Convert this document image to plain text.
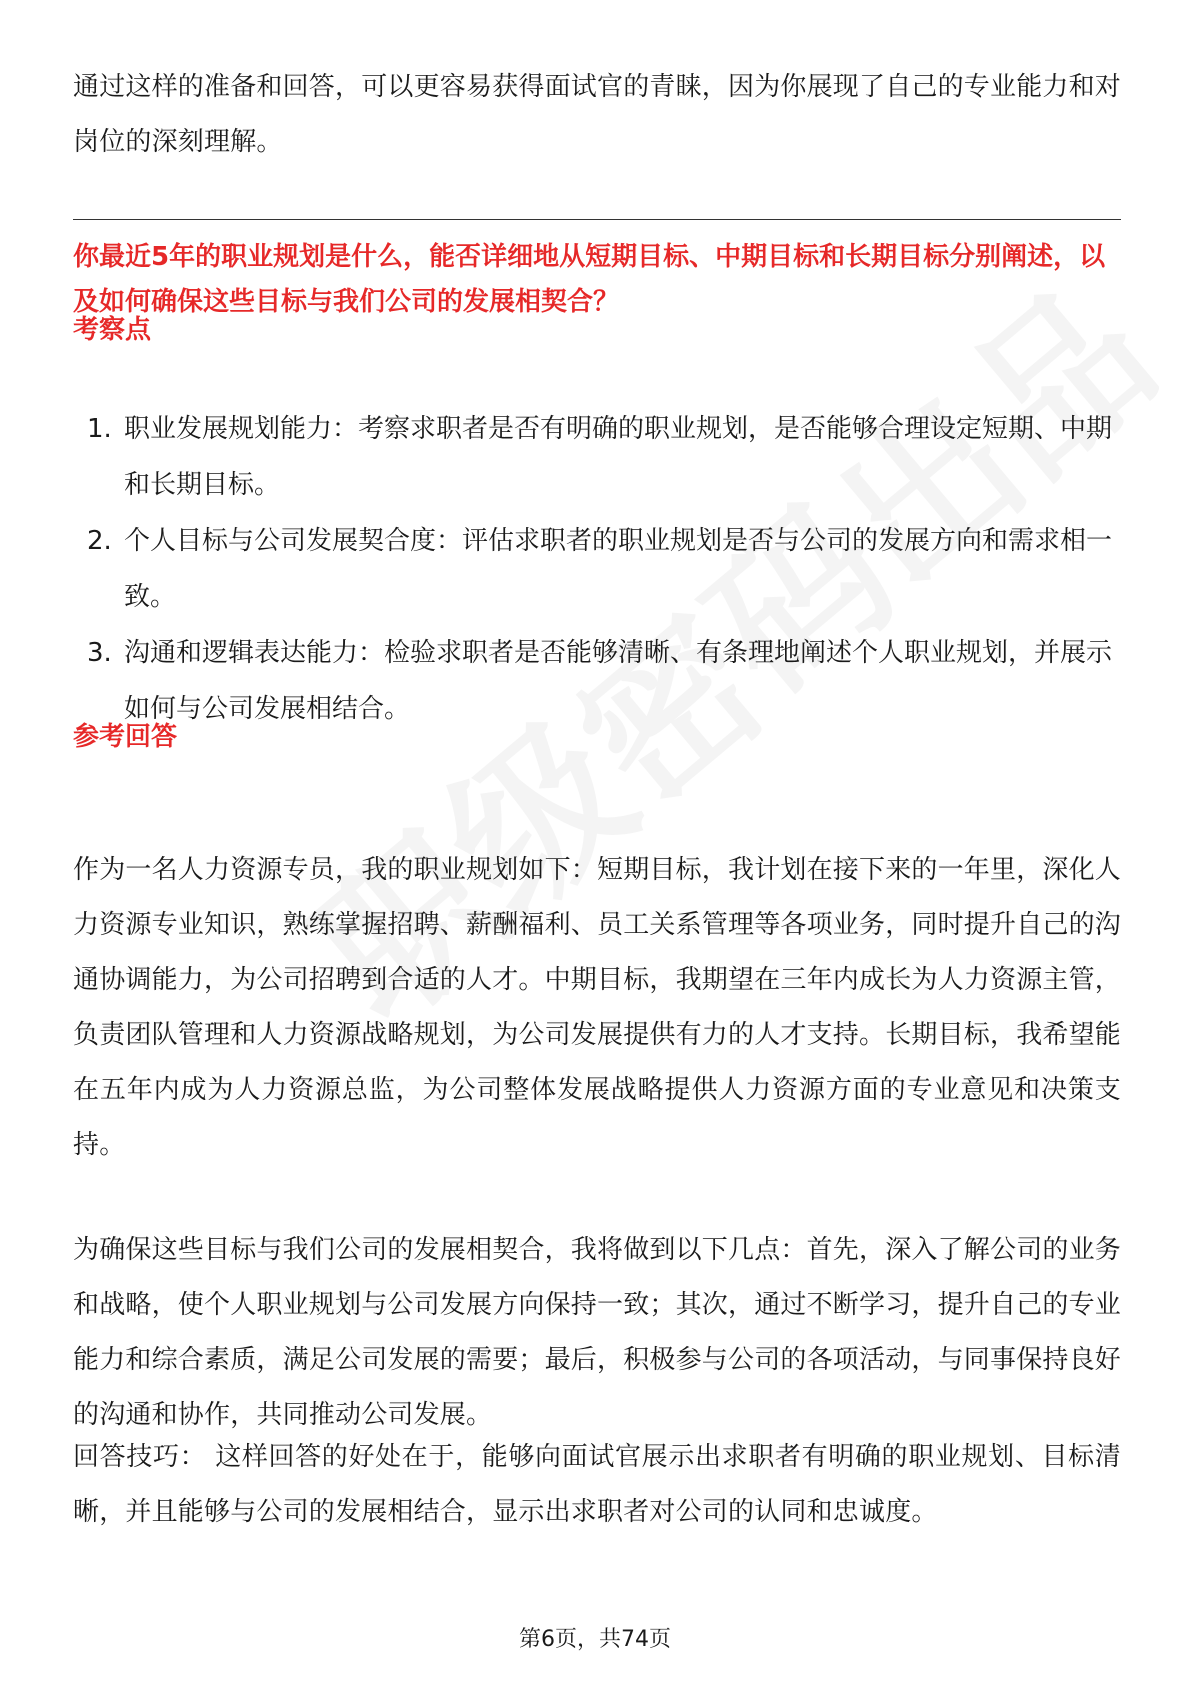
通过这样的准备和回答，可以更容易获得面试官的青睐，因为你展现了自己的专业能力和对岗位的深刻理解。

你最近5年的职业规划是什么，能否详细地从短期目标、中期目标和长期目标分别阐述，以及如何确保这些目标与我们公司的发展相契合？

考察点

1. 职业发展规划能力：考察求职者是否有明确的职业规划，是否能够合理设定短期、中期和长期目标。
2. 个人目标与公司发展契合度：评估求职者的职业规划是否与公司的发展方向和需求相一致。
3. 沟通和逻辑表达能力：检验求职者是否能够清晰、有条理地阐述个人职业规划，并展示如何与公司发展相结合。

参考回答

作为一名人力资源专员，我的职业规划如下：短期目标，我计划在接下来的一年里，深化人力资源专业知识，熟练掌握招聘、薪酬福利、员工关系管理等各项业务，同时提升自己的沟通协调能力，为公司招聘到合适的人才。中期目标，我期望在三年内成长为人力资源主管，负责团队管理和人力资源战略规划，为公司发展提供有力的人才支持。长期目标，我希望能在五年内成为人力资源总监，为公司整体发展战略提供人力资源方面的专业意见和决策支持。

为确保这些目标与我们公司的发展相契合，我将做到以下几点：首先，深入了解公司的业务和战略，使个人职业规划与公司发展方向保持一致；其次，通过不断学习，提升自己的专业能力和综合素质，满足公司发展的需要；最后，积极参与公司的各项活动，与同事保持良好的沟通和协作，共同推动公司发展。

回答技巧： 这样回答的好处在于，能够向面试官展示出求职者有明确的职业规划、目标清晰，并且能够与公司的发展相结合，显示出求职者对公司的认同和忠诚度。

第6页，共74页
